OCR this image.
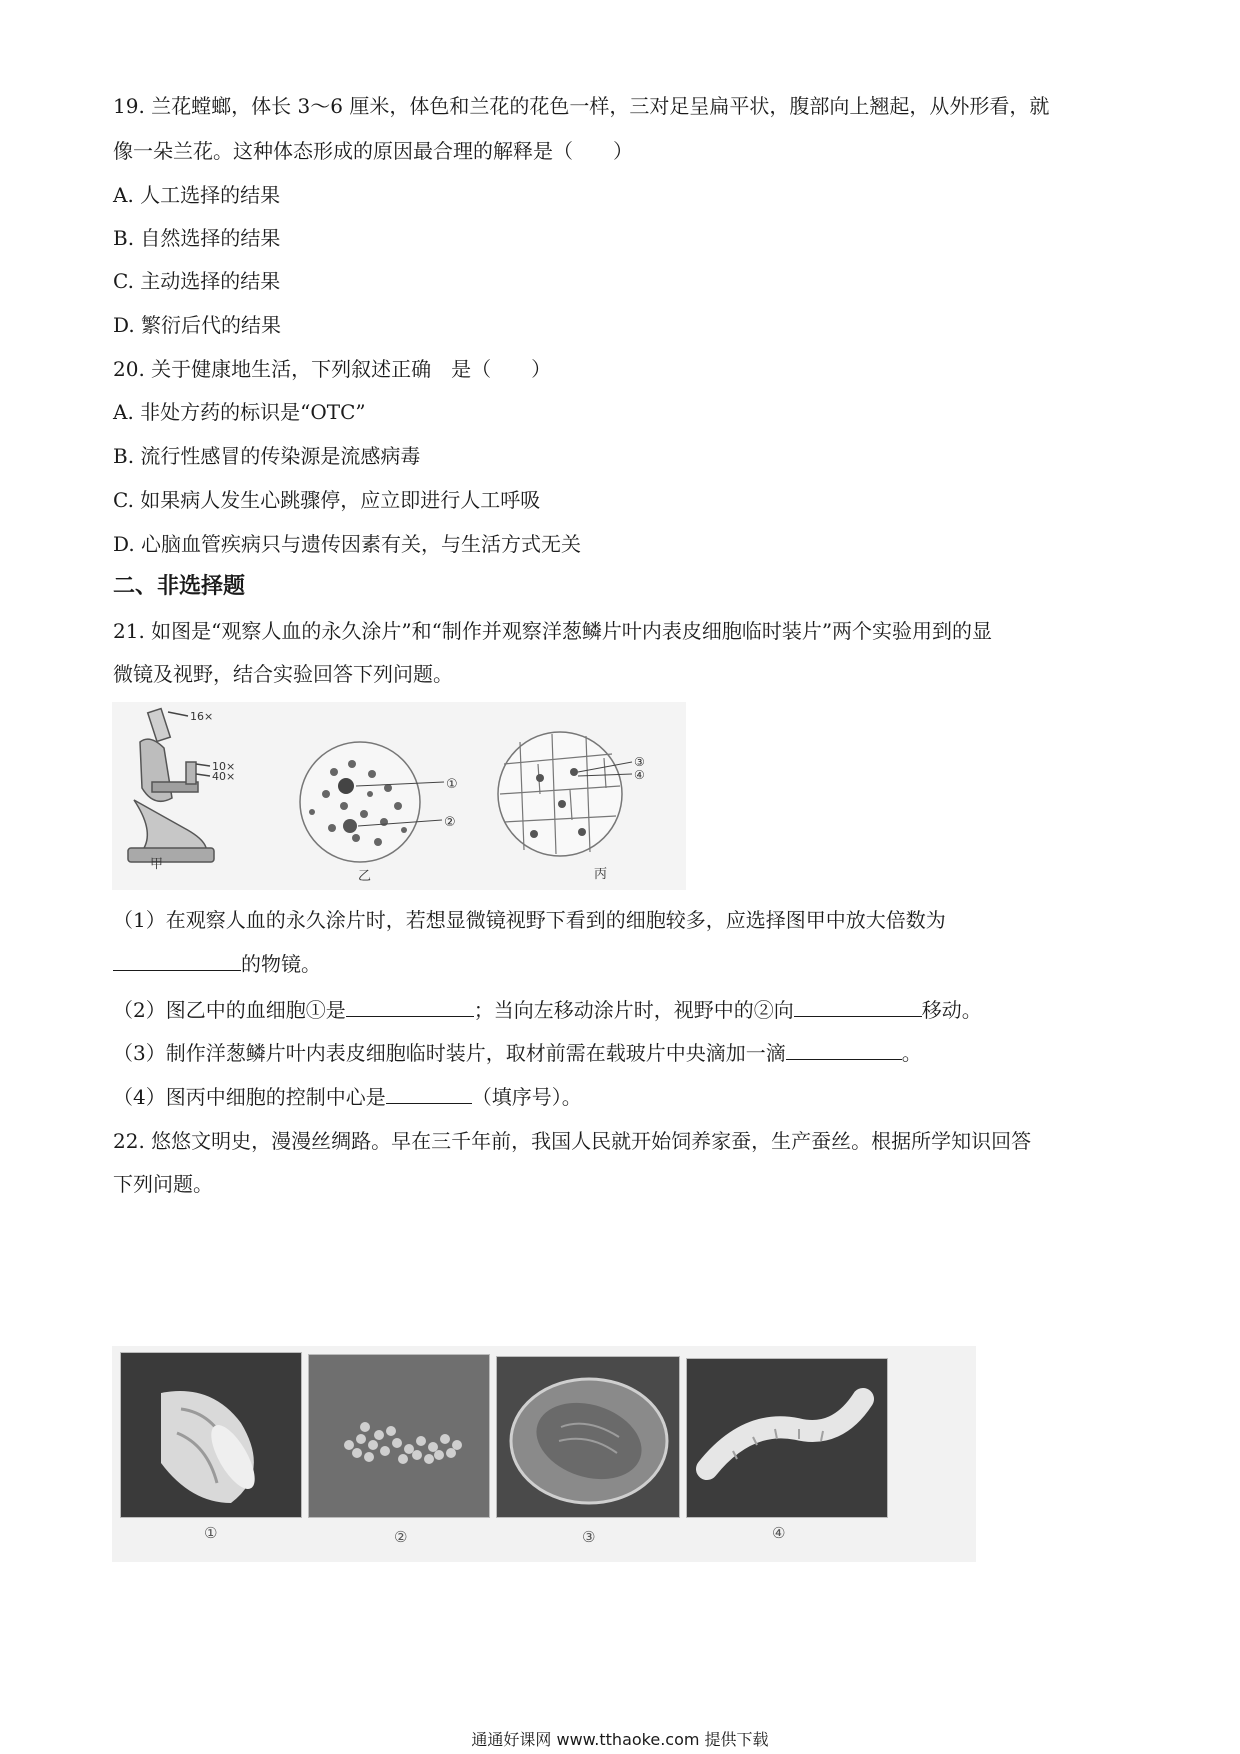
19. 兰花螳螂，体长 3～6 厘米，体色和兰花的花色一样，三对足呈扁平状，腹部向上翘起，从外形看，就
像一朵兰花。这种体态形成的原因最合理的解释是（　　）
A. 人工选择的结果
B. 自然选择的结果
C. 主动选择的结果
D. 繁衍后代的结果
20. 关于健康地生活，下列叙述正确　是（　　）
A. 非处方药的标识是“OTC”
B. 流行性感冒的传染源是流感病毒
C. 如果病人发生心跳骤停，应立即进行人工呼吸
D. 心脑血管疾病只与遗传因素有关，与生活方式无关
二、非选择题
21. 如图是“观察人血的永久涂片”和“制作并观察洋葱鳞片叶内表皮细胞临时装片”两个实验用到的显
微镜及视野，结合实验回答下列问题。
16×
10×
40×
甲
①
②
乙
③
④
丙
（1）在观察人血的永久涂片时，若想显微镜视野下看到的细胞较多，应选择图甲中放大倍数为
的物镜。
（2）图乙中的血细胞①是	；当向左移动涂片时，视野中的②向	移动。
（3）制作洋葱鳞片叶内表皮细胞临时装片，取材前需在载玻片中央滴加一滴	。
（4）图丙中细胞的控制中心是	（填序号）。
22. 悠悠文明史，漫漫丝绸路。早在三千年前，我国人民就开始饲养家蚕，生产蚕丝。根据所学知识回答
下列问题。
①	②	③	④
通通好课网 www.tthaoke.com 提供下载
